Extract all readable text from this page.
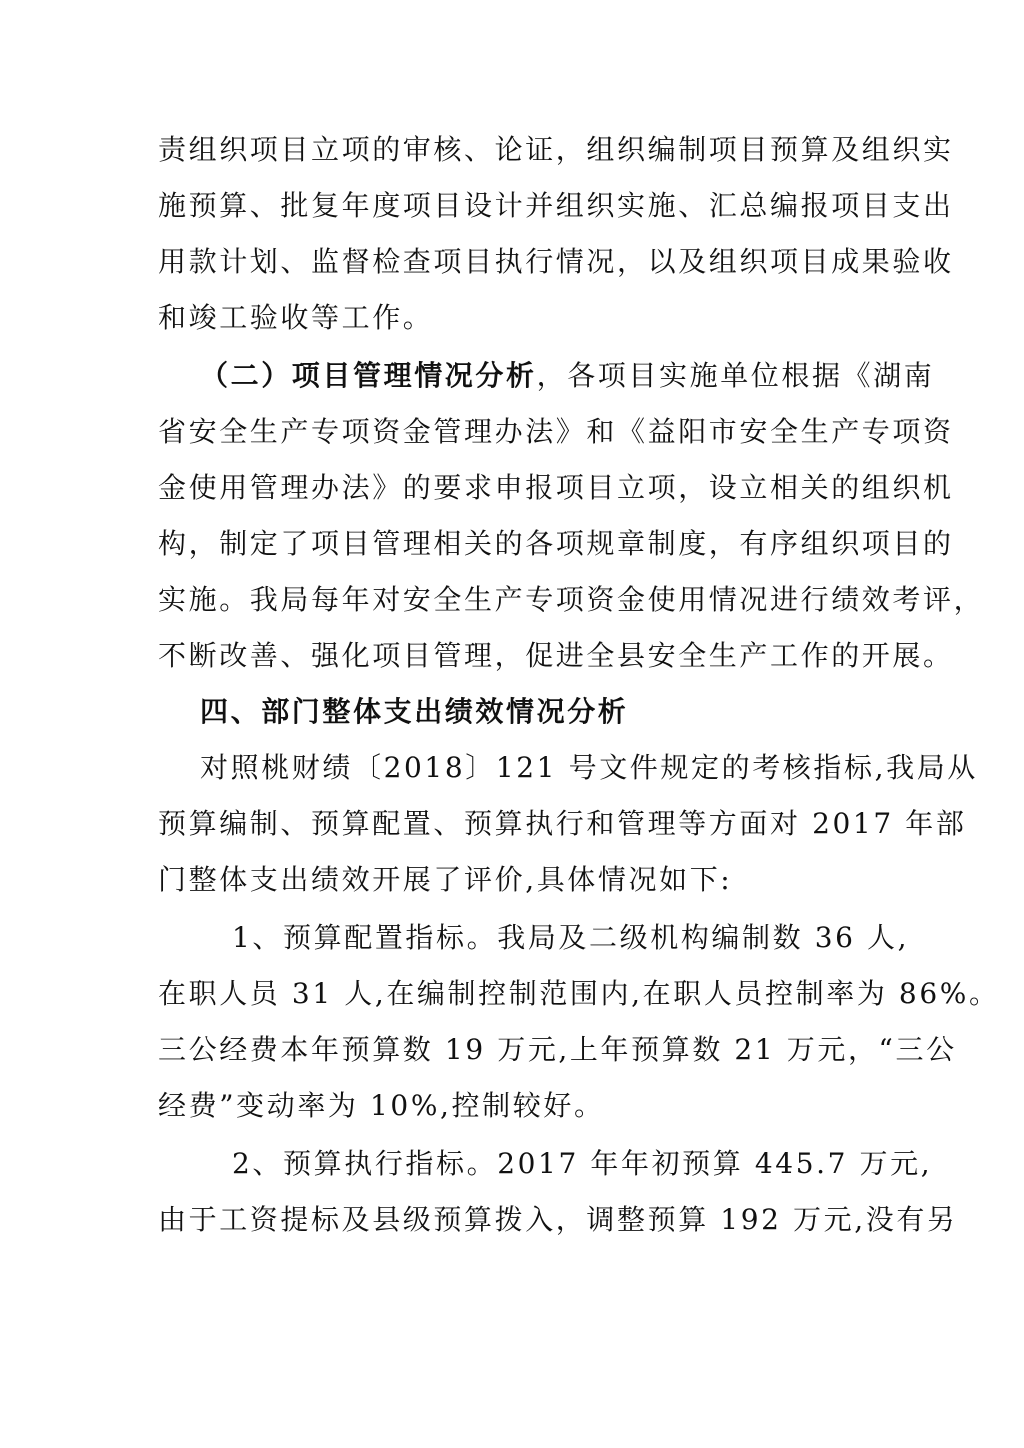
责组织项目立项的审核、论证，组织编制项目预算及组织实
施预算、批复年度项目设计并组织实施、汇总编报项目支出
用款计划、监督检查项目执行情况，以及组织项目成果验收
和竣工验收等工作。
（二）项目管理情况分析，各项目实施单位根据《湖南
省安全生产专项资金管理办法》和《益阳市安全生产专项资
金使用管理办法》的要求申报项目立项，设立相关的组织机
构，制定了项目管理相关的各项规章制度，有序组织项目的
实施。我局每年对安全生产专项资金使用情况进行绩效考评，
不断改善、强化项目管理，促进全县安全生产工作的开展。
四、部门整体支出绩效情况分析
对照桃财绩〔2018〕121 号文件规定的考核指标,我局从
预算编制、预算配置、预算执行和管理等方面对 2017 年部
门整体支出绩效开展了评价,具体情况如下:
1、预算配置指标。我局及二级机构编制数 36 人,
在职人员 31 人,在编制控制范围内,在职人员控制率为 86%。
三公经费本年预算数 19 万元,上年预算数 21 万元，“三公
经费”变动率为 10%,控制较好。
2、预算执行指标。2017 年年初预算 445.7 万元,
由于工资提标及县级预算拨入，调整预算 192 万元,没有另
